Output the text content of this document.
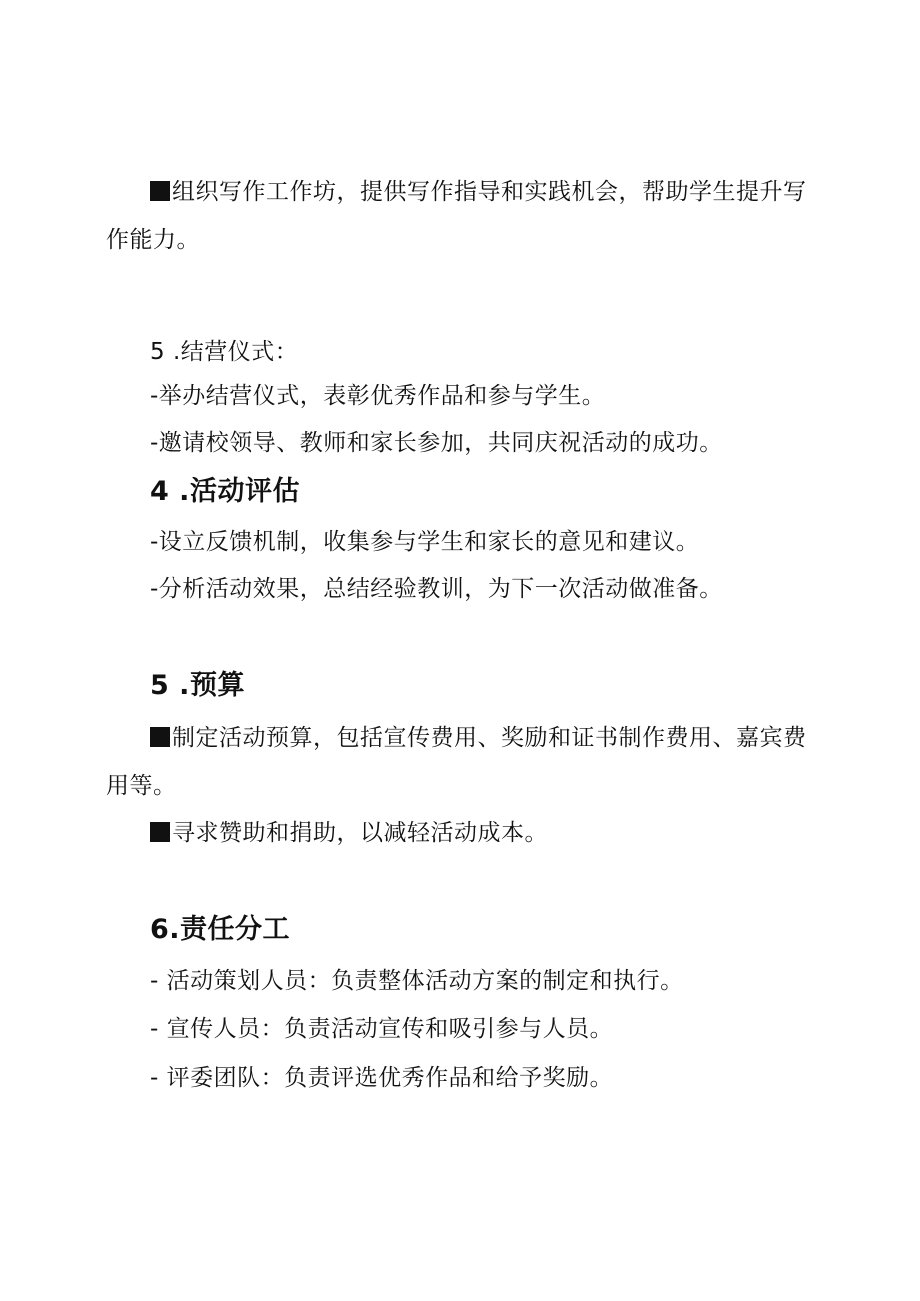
组织写作工作坊，提供写作指导和实践机会，帮助学生提升写
作能力。
5 .结营仪式：
-举办结营仪式，表彰优秀作品和参与学生。
-邀请校领导、教师和家长参加，共同庆祝活动的成功。
4 .活动评估
-设立反馈机制，收集参与学生和家长的意见和建议。
-分析活动效果，总结经验教训，为下一次活动做准备。
5 .预算
制定活动预算，包括宣传费用、奖励和证书制作费用、嘉宾费
用等。
寻求赞助和捐助，以减轻活动成本。
6.责任分工
- 活动策划人员：负责整体活动方案的制定和执行。
- 宣传人员：负责活动宣传和吸引参与人员。
- 评委团队：负责评选优秀作品和给予奖励。
